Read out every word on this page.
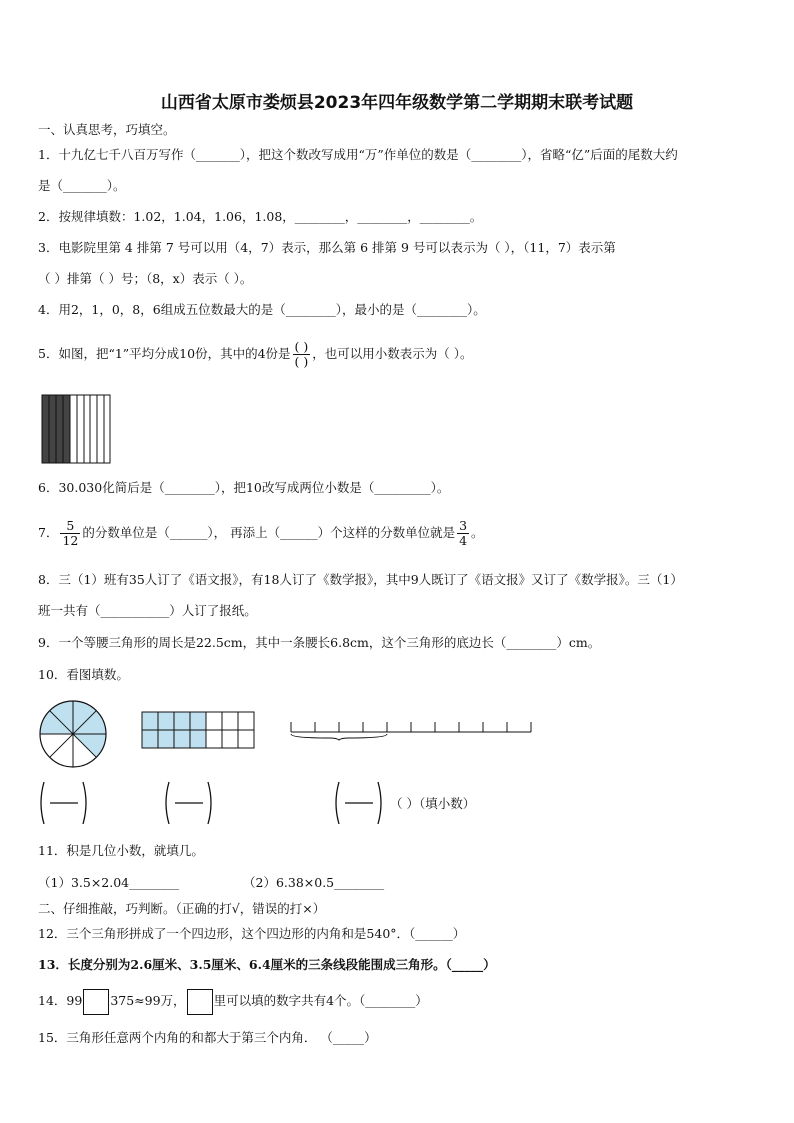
山西省太原市娄烦县2023年四年级数学第二学期期末联考试题
一、认真思考，巧填空。
1．十九亿七千八百万写作（_______），把这个数改写成用“万”作单位的数是（________），省略“亿”后面的尾数大约
是（_______）。
2．按规律填数：1.02，1.04，1.06，1.08，________，________，________。
3．电影院里第 4 排第 7 号可以用（4，7）表示，那么第 6 排第 9 号可以表示为（ ），（11，7）表示第
（ ）排第（ ）号；（8，x）表示（ ）。
4．用2，1，0，8，6组成五位数最大的是（________），最小的是（________）。
5．如图，把“1”平均分成10份，其中的4份是 $\frac{( )}{( )}$ ，也可以用小数表示为（ ）。
6．30.030化简后是（________），把10改写成两位小数是（_________）。
7． $\frac{5}{12}$ 的分数单位是（______）， 再添上（______）个这样的分数单位就是 $\frac{3}{4}$ 。
8．三（1）班有35人订了《语文报》，有18人订了《数学报》，其中9人既订了《语文报》又订了《数学报》。三（1）
班一共有（___________）人订了报纸。
9．一个等腰三角形的周长是22.5cm，其中一条腰长6.8cm，这个三角形的底边长（________）cm。
10．看图填数。
（ ）（填小数）
11．积是几位小数，就填几。
（1）3.5×2.04________	（2）6.38×0.5________
二、仔细推敲，巧判断。（正确的打√，错误的打×）
12．三个三角形拼成了一个四边形，这个四边形的内角和是540°．（______）
13．长度分别为2.6厘米、3.5厘米、6.4厘米的三条线段能围成三角形。（_____）
14．99 375≈99万， 里可以填的数字共有4个。（________）
15．三角形任意两个内角的和都大于第三个内角． （_____）
